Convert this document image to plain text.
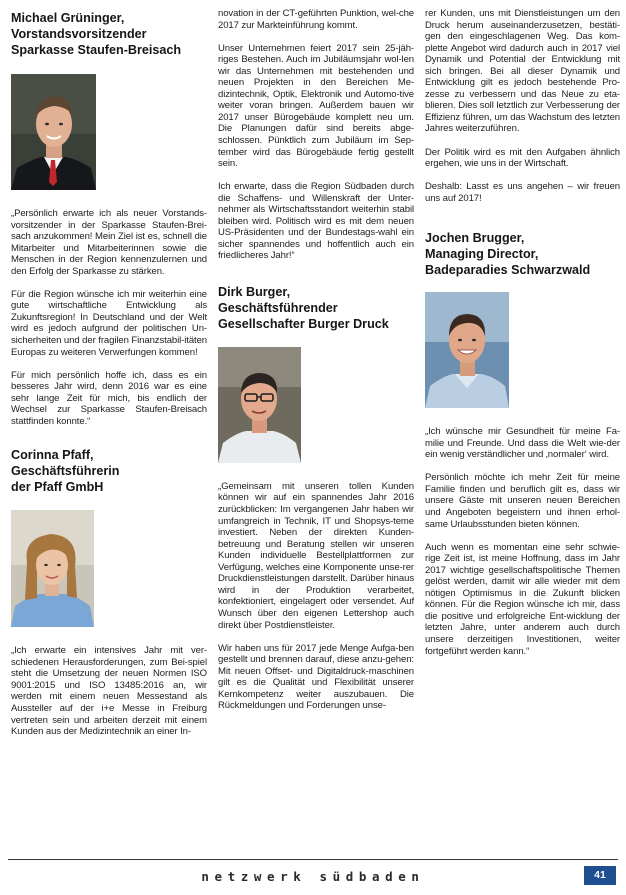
Michael Grüninger,
Vorstandsvorsitzender
Sparkasse Staufen-Breisach

„Persönlich erwarte ich als neuer Vorstands-vorsitzender in der Sparkasse Staufen-Brei-sach anzukommen! Mein Ziel ist es, schnell die Mitarbeiter und Mitarbeiterinnen sowie die Menschen in der Region kennenzulernen und den Erfolg der Sparkasse zu stärken.

Für die Region wünsche ich mir weiterhin eine gute wirtschaftliche Entwicklung als Zukunftsregion! In Deutschland und der Welt wird es jedoch aufgrund der politischen Un-sicherheiten und der fragilen Finanzstabil-itäten Europas zu weiteren Verwerfungen kommen!

Für mich persönlich hoffe ich, dass es ein besseres Jahr wird, denn 2016 war es eine sehr lange Zeit für mich, bis endlich der Wechsel zur Sparkasse Staufen-Breisach stattfinden konnte.“

Corinna Pfaff,
Geschäftsführerin
der Pfaff GmbH

„Ich erwarte ein intensives Jahr mit ver-schiedenen Herausforderungen, zum Bei-spiel steht die Umsetzung der neuen Normen ISO 9001:2015 und ISO 13485:2016 an, wir werden mit einem neuen Messestand als Aussteller auf der i+e Messe in Freiburg vertreten sein und arbeiten derzeit mit einem Kunden aus der Medizintechnik an einer In-

novation in der CT-geführten Punktion, wel-che 2017 zur Markteinführung kommt.

Unser Unternehmen feiert 2017 sein 25-jäh-riges Bestehen. Auch im Jubiläumsjahr wol-len wir das Unternehmen mit bestehenden und neuen Projekten in den Bereichen Me-dizintechnik, Optik, Elektronik und Automo-tive weiter voran bringen. Außerdem bauen wir 2017 unser Bürogebäude komplett neu um. Die Planungen dafür sind bereits abge-schlossen. Pünktlich zum Jubiläum im Sep-tember wird das Bürogebäude fertig gestellt sein.

Ich erwarte, dass die Region Südbaden durch die Schaffens- und Willenskraft der Unter-nehmer als Wirtschaftsstandort weiterhin stabil bleiben wird. Politisch wird es mit dem neuen US-Präsidenten und der Bundestags-wahl ein sicher spannendes und hoffentlich auch ein friedlicheres Jahr!“

Dirk Burger,
Geschäftsführender
Gesellschafter Burger Druck

„Gemeinsam mit unseren tollen Kunden können wir auf ein spannendes Jahr 2016 zurückblicken: Im vergangenen Jahr haben wir umfangreich in Technik, IT und Shopsys-teme investiert. Neben der direkten Kunden-betreuung und Beratung stellen wir unseren Kunden individuelle Bestellplattformen zur Verfügung, welches eine Komponente unse-rer Druckdienstleistungen darstellt. Darüber hinaus wird in der Produktion verarbeitet, konfektioniert, eingelagert oder versendet. Auf Wunsch über den eigenen Lettershop auch direkt über Postdienstleister.

Wir haben uns für 2017 jede Menge Aufga-ben gestellt und brennen darauf, diese anzu-gehen: Mit neuen Offset- und Digitaldruck-maschinen gilt es die Qualität und Flexibilität unserer Kernkompetenz weiter auszubauen. Die Rückmeldungen und Forderungen unse-

rer Kunden, uns mit Dienstleistungen um den Druck herum auseinanderzusetzen, bestäti-gen den eingeschlagenen Weg. Das kom-plette Angebot wird dadurch auch in 2017 viel Dynamik und Potential der Entwicklung mit sich bringen. Bei all dieser Dynamik und Entwicklung gilt es jedoch bestehende Pro-zesse zu verbessern und das Neue zu eta-blieren. Dies soll letztlich zur Verbesserung der Effizienz führen, um das Wachstum des letzten Jahres weiterzuführen.

Der Politik wird es mit den Aufgaben ähnlich ergehen, wie uns in der Wirtschaft.

Deshalb: Lasst es uns angehen – wir freuen uns auf 2017!

Jochen Brugger,
Managing Director,
Badeparadies Schwarzwald

„Ich wünsche mir Gesundheit für meine Fa-milie und Freunde. Und dass die Welt wie-der ein wenig verständlicher und ‚normaler‘ wird.

Persönlich möchte ich mehr Zeit für meine Familie finden und beruflich gilt es, dass wir unsere Gäste mit unseren neuen Bereichen und Angeboten begeistern und ihnen erhol-same Urlaubsstunden bieten können.

Auch wenn es momentan eine sehr schwie-rige Zeit ist, ist meine Hoffnung, dass im Jahr 2017 wichtige gesellschaftspolitische Themen gelöst werden, damit wir alle wieder mit dem nötigen Optimismus in die Zukunft blicken können. Für die Region wünsche ich mir, dass die positive und erfolgreiche Ent-wicklung der letzten Jahre, unter anderem auch durch unsere derzeitigen Investitionen, weiter fortgeführt werden kann.“

netzwerk südbaden	41
